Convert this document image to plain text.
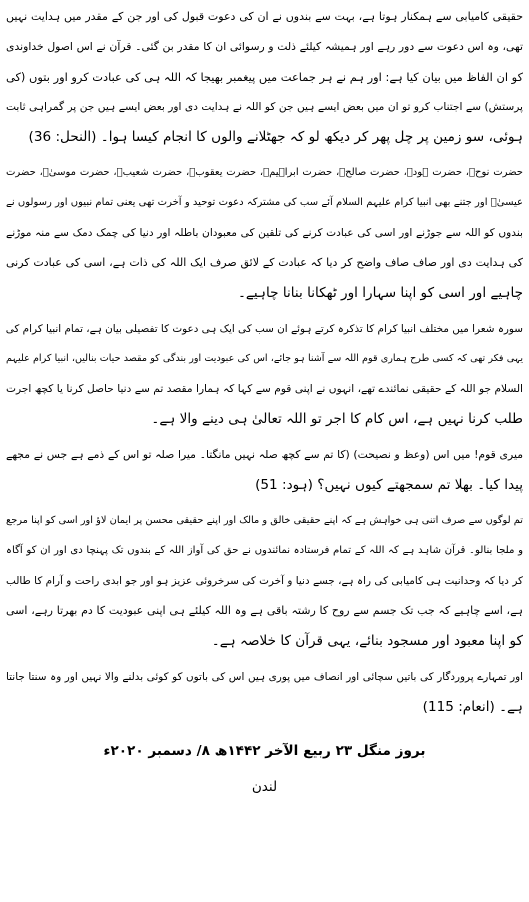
حقیقی کامیابی سے ہمکنار ہوتا ہے، بہت سے بندوں نے ان کی دعوت قبول کی اور جن کے مقدر میں ہدایت نہیں
تھی، وہ اس دعوت سے دور رہے اور ہمیشہ کیلئے ذلت و رسوائی ان کا مقدر بن گئی۔ قرآن نے اس اصول خداوندی
کو ان الفاظ میں بیان کیا ہے: اور ہم نے ہر جماعت میں پیغمبر بھیجا کہ اللہ ہی کی عبادت کرو اور بتوں (کی
پرستش) سے اجتناب کرو تو ان میں بعض ایسے ہیں جن کو اللہ نے ہدایت دی اور بعض ایسے ہیں جن پر گمراہی ثابت
ہوئی، سو زمین پر چل پھر کر دیکھ لو کہ جھٹلانے والوں کا انجام کیسا ہوا۔ (النحل: 36)
حضرت نوحؑ، حضرت ہودؑ، حضرت صالحؑ، حضرت ابراہیمؑ، حضرت یعقوبؑ، حضرت شعیبؑ، حضرت موسیٰؑ، حضرت
عیسیٰؑ اور جتنے بھی انبیا کرام علیہم السلام آئے سب کی مشترکہ دعوت توحید و آخرت تھی یعنی تمام نبیوں اور رسولوں نے
بندوں کو اللہ سے جوڑنے اور اسی کی عبادت کرنے کی تلقین کی معبودان باطلہ اور دنیا کی چمک دمک سے منہ موڑنے
کی ہدایت دی اور صاف صاف واضح کر دیا کہ عبادت کے لائق صرف ایک اللہ کی ذات ہے، اسی کی عبادت کرنی
چاہیے اور اسی کو اپنا سہارا اور ٹھکانا بنانا چاہیے۔
سورہ شعرا میں مختلف انبیا کرام کا تذکرہ کرتے ہوئے ان سب کی ایک ہی دعوت کا تفصیلی بیان ہے، تمام انبیا کرام کی
یہی فکر تھی کہ کسی طرح ہماری قوم اللہ سے آشنا ہو جائے، اس کی عبودیت اور بندگی کو مقصد حیات بنالیں، انبیا کرام علیہم
السلام جو اللہ کے حقیقی نمائندے تھے، انہوں نے اپنی قوم سے کہا کہ ہمارا مقصد تم سے دنیا حاصل کرنا یا کچھ اجرت
طلب کرنا نہیں ہے، اس کام کا اجر تو اللہ تعالیٰ ہی دینے والا ہے۔
میری قوم! میں اس (وعظ و نصیحت) (کا تم سے کچھ صلہ نہیں مانگتا۔ میرا صلہ تو اس کے ذمے ہے جس نے مجھے
پیدا کیا۔ بھلا تم سمجھتے کیوں نہیں؟ (ہود: 51)
تم لوگوں سے صرف اتنی ہی خواہش ہے کہ اپنے حقیقی خالق و مالک اور اپنے حقیقی محسن پر ایمان لاؤ اور اسی کو اپنا مرجع
و ملجا بنالو۔ قرآن شاہد ہے کہ اللہ کے تمام فرستادہ نمائندوں نے حق کی آواز اللہ کے بندوں تک پہنچا دی اور ان کو آگاہ
کر دیا کہ وحدانیت ہی کامیابی کی راہ ہے، جسے دنیا و آخرت کی سرخروئی عزیز ہو اور جو ابدی راحت و آرام کا طالب
ہے، اسے چاہیے کہ جب تک جسم سے روح کا رشتہ باقی ہے وہ اللہ کیلئے ہی اپنی عبودیت کا دم بھرتا رہے، اسی
کو اپنا معبود اور مسجود بنائے، یہی قرآن کا خلاصہ ہے۔
اور تمہارے پروردگار کی باتیں سچائی اور انصاف میں پوری ہیں اس کی باتوں کو کوئی بدلنے والا نہیں اور وہ سنتا جانتا
ہے۔ (انعام: 115)
بروز منگل ۲۳ ربیع الآخر ۱۴۴۲ھ ۸/ دسمبر ۲۰۲۰ء
لندن
